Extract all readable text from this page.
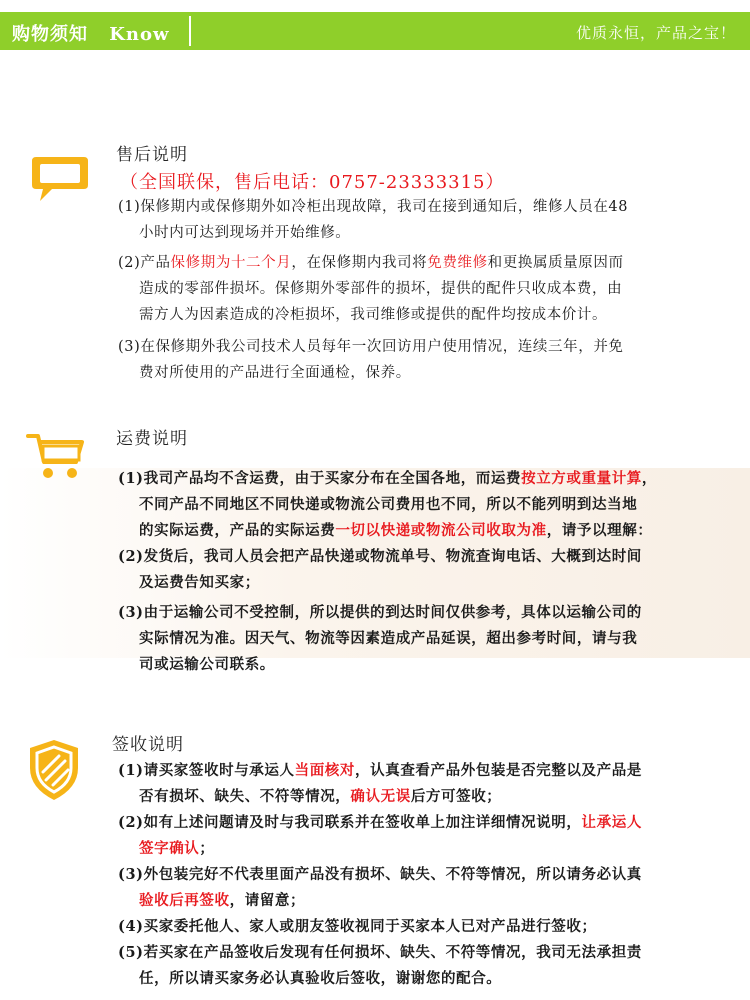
购物须知 Know	优质永恒，产品之宝！
售后说明
（全国联保，售后电话：0757-23333315）
(1)保修期内或保修期外如冷柜出现故障，我司在接到通知后，维修人员在48
小时内可达到现场并开始维修。
(2)产品保修期为十二个月，在保修期内我司将免费维修和更换属质量原因而
造成的零部件损坏。保修期外零部件的损坏，提供的配件只收成本费，由
需方人为因素造成的冷柜损坏，我司维修或提供的配件均按成本价计。
(3)在保修期外我公司技术人员每年一次回访用户使用情况，连续三年，并免
费对所使用的产品进行全面通检，保养。
运费说明
(1)我司产品均不含运费，由于买家分布在全国各地，而运费按立方或重量计算，
不同产品不同地区不同快递或物流公司费用也不同，所以不能列明到达当地
的实际运费，产品的实际运费一切以快递或物流公司收取为准，请予以理解：
(2)发货后，我司人员会把产品快递或物流单号、物流查询电话、大概到达时间
及运费告知买家；
(3)由于运输公司不受控制，所以提供的到达时间仅供参考，具体以运输公司的
实际情况为准。因天气、物流等因素造成产品延误，超出参考时间，请与我
司或运输公司联系。
签收说明
(1)请买家签收时与承运人当面核对，认真查看产品外包装是否完整以及产品是
否有损坏、缺失、不符等情况，确认无误后方可签收；
(2)如有上述问题请及时与我司联系并在签收单上加注详细情况说明，让承运人
签字确认；
(3)外包装完好不代表里面产品没有损坏、缺失、不符等情况，所以请务必认真
验收后再签收，请留意；
(4)买家委托他人、家人或朋友签收视同于买家本人已对产品进行签收；
(5)若买家在产品签收后发现有任何损坏、缺失、不符等情况，我司无法承担责
任，所以请买家务必认真验收后签收，谢谢您的配合。
